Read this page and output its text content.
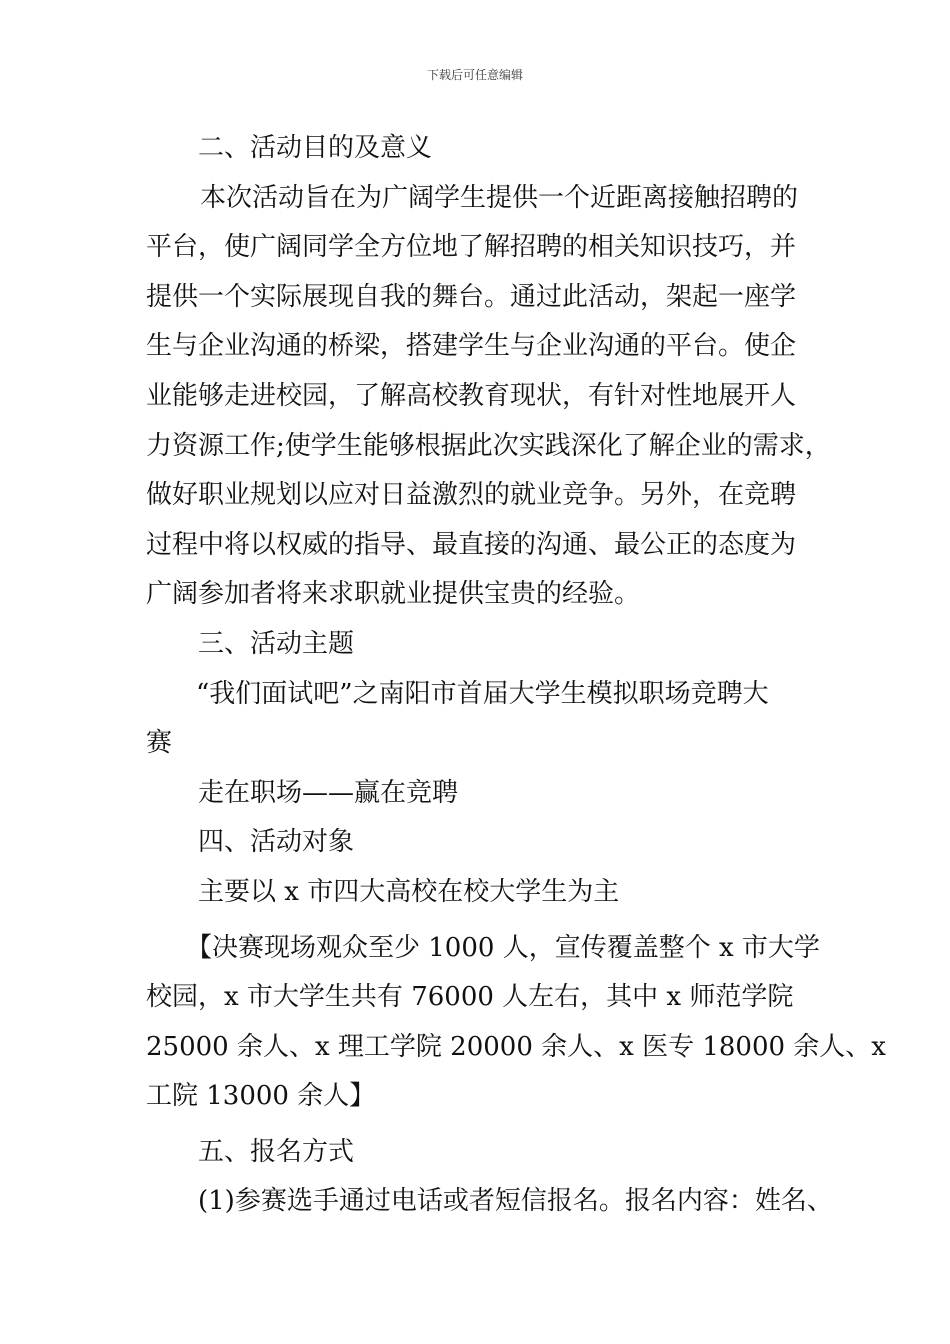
下载后可任意编辑

二、活动目的及意义

本次活动旨在为广阔学生提供一个近距离接触招聘的

平台，使广阔同学全方位地了解招聘的相关知识技巧，并

提供一个实际展现自我的舞台。通过此活动，架起一座学

生与企业沟通的桥梁，搭建学生与企业沟通的平台。使企

业能够走进校园，了解高校教育现状，有针对性地展开人

力资源工作;使学生能够根据此次实践深化了解企业的需求，

做好职业规划以应对日益激烈的就业竞争。另外，在竞聘

过程中将以权威的指导、最直接的沟通、最公正的态度为

广阔参加者将来求职就业提供宝贵的经验。

三、活动主题

“我们面试吧”之南阳市首届大学生模拟职场竞聘大

赛

走在职场——赢在竞聘

四、活动对象

主要以 x 市四大高校在校大学生为主

【决赛现场观众至少 1000 人，宣传覆盖整个 x 市大学

校园，x 市大学生共有 76000 人左右，其中 x 师范学院

25000 余人、x 理工学院 20000 余人、x 医专 18000 余人、x

工院 13000 余人】

五、报名方式

(1)参赛选手通过电话或者短信报名。报名内容：姓名、
